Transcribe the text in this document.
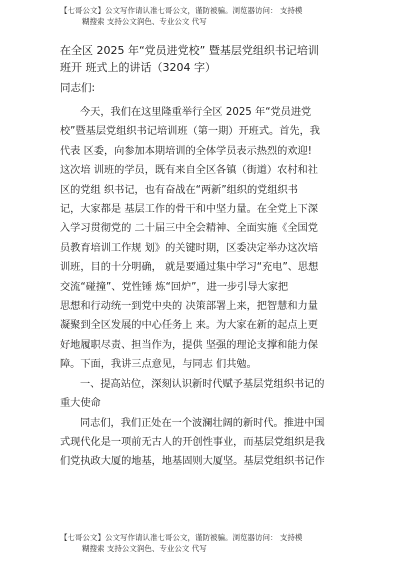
【七哥公文】公文写作请认准七哥公文，谨防被骗。浏览器访问： 支持模
糊搜索 支持公文润色、专业公文 代写
在全区 2025 年“党员进党校” 暨基层党组织书记培训
班开 班式上的讲话（3204 字）
同志们:
今天，我们在这里隆重举行全区 2025 年“党员进党
校”暨基层党组织书记培训班（第一期）开班式。首先，我
代表 区委，向参加本期培训的全体学员表示热烈的欢迎!
这次培 训班的学员，既有来自全区各镇（街道）农村和社
区的党组 织书记，也有奋战在“两新”组织的党组织书
记，大家都是 基层工作的骨干和中坚力量。在全党上下深
入学习贯彻党的 二十届三中全会精神、全面实施《全国党
员教育培训工作规 划》的关键时期，区委决定举办这次培
训班，目的十分明确， 就是要通过集中学习“充电”、思想
交流“碰撞”、党性锤 炼“回炉”，进一步引导大家把
思想和行动统一到党中央的 决策部署上来，把智慧和力量
凝聚到全区发展的中心任务上 来。为大家在新的起点上更
好地履职尽责、担当作为，提供 坚强的理论支撑和能力保
障。下面，我讲三点意见，与同志 们共勉。
一、提高站位，深刻认识新时代赋予基层党组织书记的
重大使命
同志们，我们正处在一个波澜壮阔的新时代。推进中国
式现代化是一项前无古人的开创性事业，而基层党组织是我
们党执政大厦的地基，地基固则大厦坚。基层党组织书记作
【七哥公文】公文写作请认准七哥公文，谨防被骗。浏览器访问： 支持模
糊搜索 支持公文润色、专业公文 代写
